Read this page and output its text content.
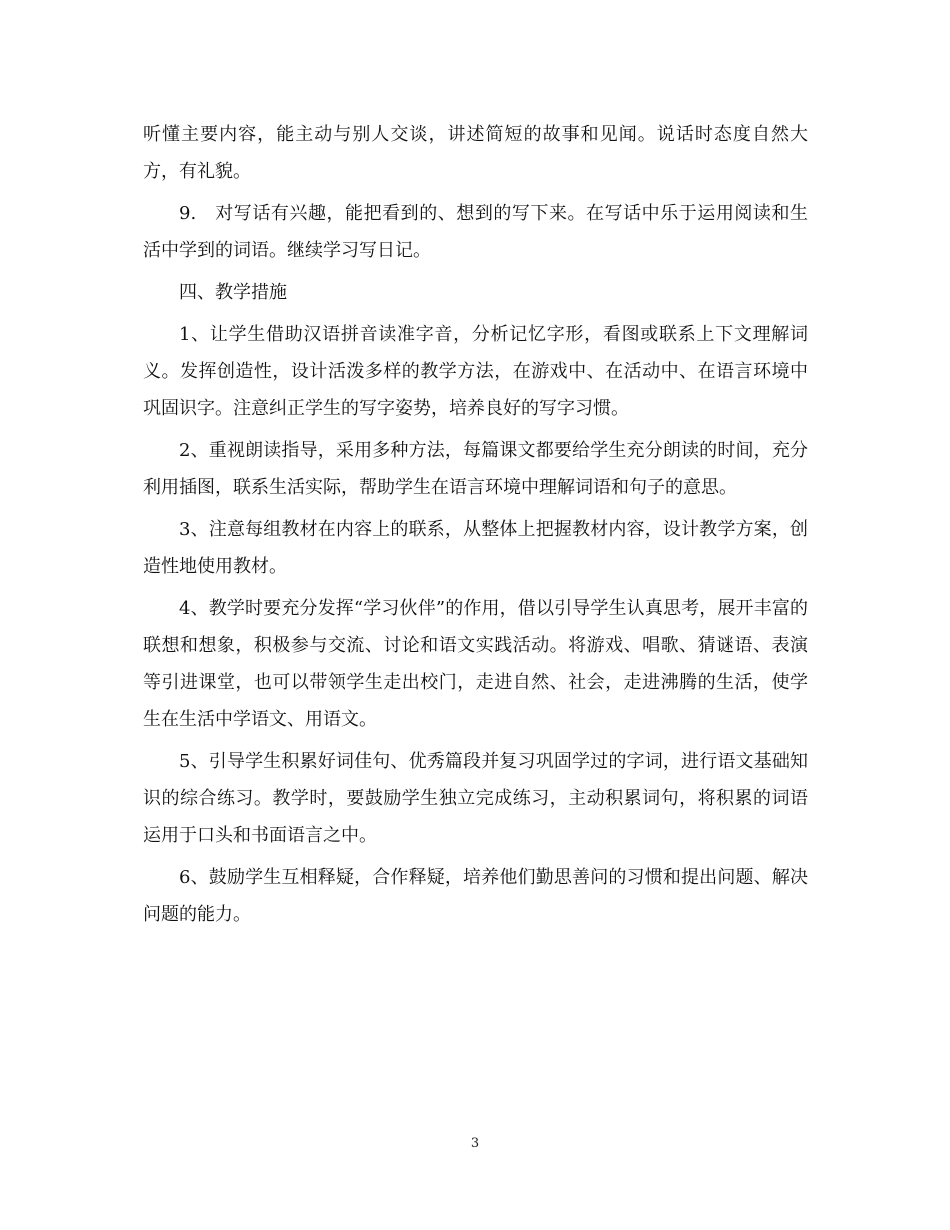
听懂主要内容，能主动与别人交谈，讲述简短的故事和见闻。说话时态度自然大方，有礼貌。

9.　对写话有兴趣，能把看到的、想到的写下来。在写话中乐于运用阅读和生活中学到的词语。继续学习写日记。

四、教学措施

1、让学生借助汉语拼音读准字音，分析记忆字形，看图或联系上下文理解词义。发挥创造性，设计活泼多样的教学方法，在游戏中、在活动中、在语言环境中巩固识字。注意纠正学生的写字姿势，培养良好的写字习惯。

2、重视朗读指导，采用多种方法，每篇课文都要给学生充分朗读的时间，充分利用插图，联系生活实际，帮助学生在语言环境中理解词语和句子的意思。

3、注意每组教材在内容上的联系，从整体上把握教材内容，设计教学方案，创造性地使用教材。

4、教学时要充分发挥“学习伙伴”的作用，借以引导学生认真思考，展开丰富的联想和想象，积极参与交流、讨论和语文实践活动。将游戏、唱歌、猜谜语、表演等引进课堂，也可以带领学生走出校门，走进自然、社会，走进沸腾的生活，使学生在生活中学语文、用语文。

5、引导学生积累好词佳句、优秀篇段并复习巩固学过的字词，进行语文基础知识的综合练习。教学时，要鼓励学生独立完成练习，主动积累词句，将积累的词语运用于口头和书面语言之中。

6、鼓励学生互相释疑，合作释疑，培养他们勤思善问的习惯和提出问题、解决问题的能力。

3
